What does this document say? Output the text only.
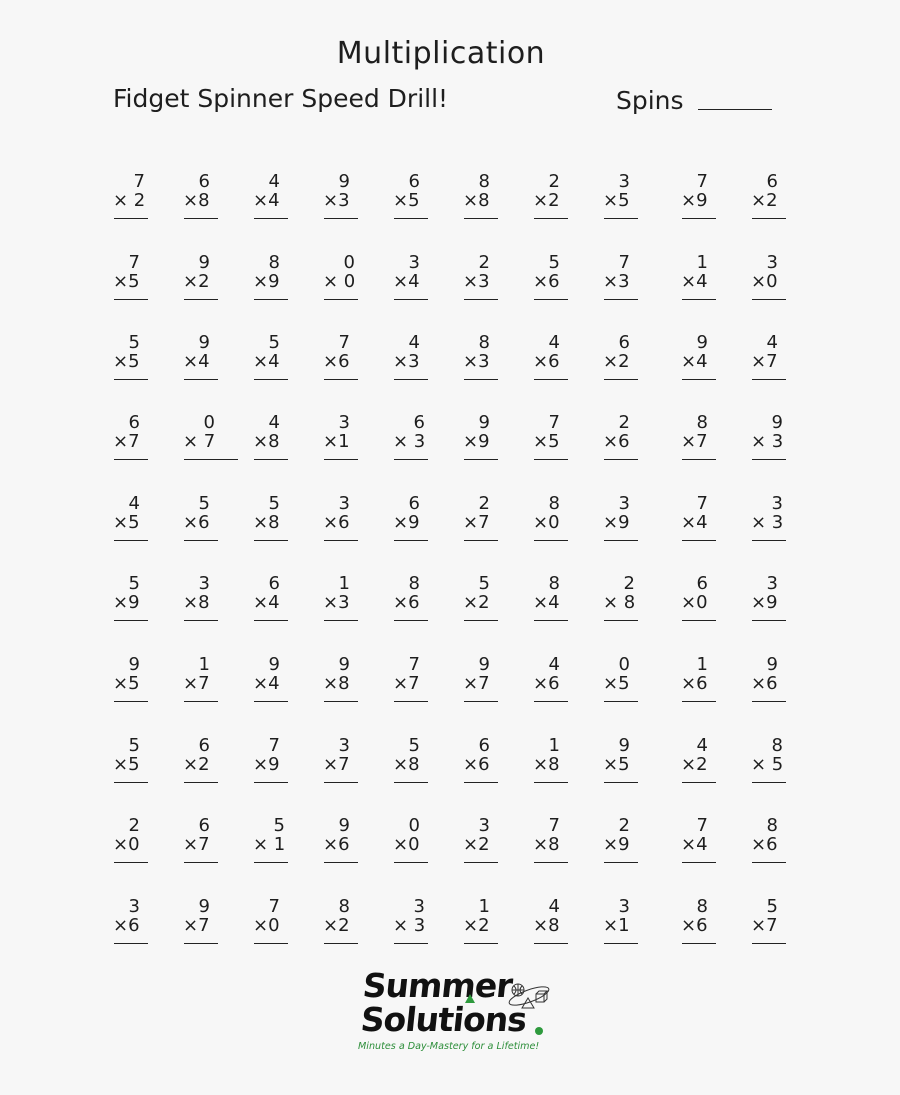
Multiplication
Fidget Spinner Speed Drill!	Spins
7
× 2
6
×8
4
×4
9
×3
6
×5
8
×8
2
×2
3
×5
7
×9
6
×2
7
×5
9
×2
8
×9
0
× 0
3
×4
2
×3
5
×6
7
×3
1
×4
3
×0
5
×5
9
×4
5
×4
7
×6
4
×3
8
×3
4
×6
6
×2
9
×4
4
×7
6
×7
0
× 7
4
×8
3
×1
6
× 3
9
×9
7
×5
2
×6
8
×7
9
× 3
4
×5
5
×6
5
×8
3
×6
6
×9
2
×7
8
×0
3
×9
7
×4
3
× 3
5
×9
3
×8
6
×4
1
×3
8
×6
5
×2
8
×4
2
× 8
6
×0
3
×9
9
×5
1
×7
9
×4
9
×8
7
×7
9
×7
4
×6
0
×5
1
×6
9
×6
5
×5
6
×2
7
×9
3
×7
5
×8
6
×6
1
×8
9
×5
4
×2
8
× 5
2
×0
6
×7
5
× 1
9
×6
0
×0
3
×2
7
×8
2
×9
7
×4
8
×6
3
×6
9
×7
7
×0
8
×2
3
× 3
1
×2
4
×8
3
×1
8
×6
5
×7
Summer
Solutions
Minutes a Day-Mastery for a Lifetime!
